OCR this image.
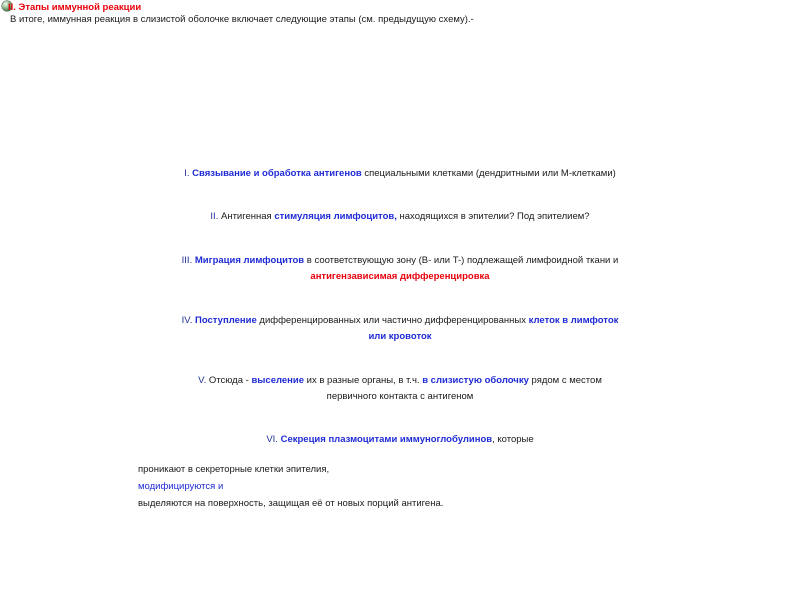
II. Этапы иммунной реакции
В итоге, иммунная реакция в слизистой оболочке включает следующие этапы (см. предыдущую схему).-
I. Связывание и обработка антигенов специальными клетками (дендритными или М-клетками)
II. Антигенная стимуляция лимфоцитов, находящихся в эпителии? Под эпителием?
III. Миграция лимфоцитов в соответствующую зону (B- или T-) подлежащей лимфоидной ткани и
антигензависимая дифференцировка
IV. Поступление дифференцированных или частично дифференцированных клеток в лимфоток
или кровоток
V. Отсюда - выселение их в разные органы, в т.ч. в слизистую оболочку рядом с местом
первичного контакта с антигеном
VI. Секреция плазмоцитами иммуноглобулинов, которые
проникают в секреторные клетки эпителия,
модифицируются и
выделяются на поверхность, защищая её от новых порций антигена.
